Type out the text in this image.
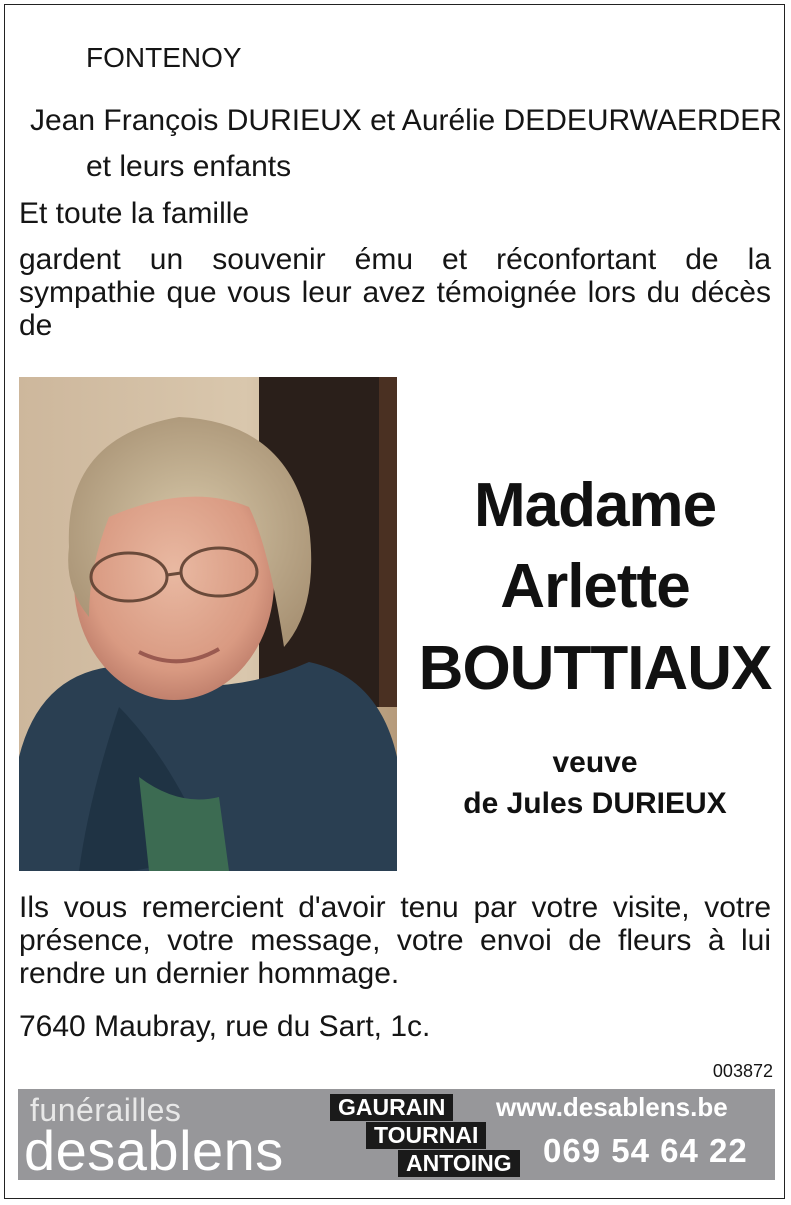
FONTENOY
Jean François DURIEUX et Aurélie DEDEURWAERDER
et leurs enfants
Et toute la famille
gardent un souvenir ému et réconfortant de la sympathie que vous leur avez témoignée lors du décès de
Madame
Arlette
BOUTTIAUX
veuve
de Jules DURIEUX
Ils vous remercient d'avoir tenu par votre visite, votre présence, votre message, votre envoi de fleurs à lui rendre un dernier hommage.
7640 Maubray, rue du Sart, 1c.
003872
funérailles
desablens
GAURAIN
TOURNAI
ANTOING
www.desablens.be
069 54 64 22
